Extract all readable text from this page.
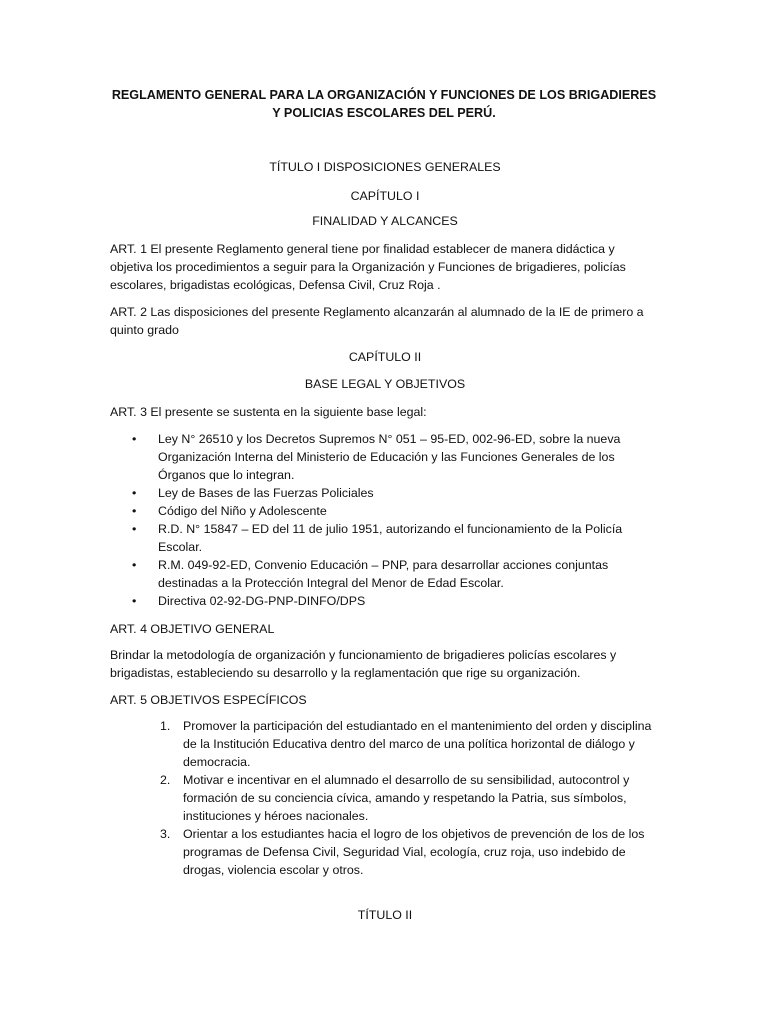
REGLAMENTO GENERAL PARA LA ORGANIZACIÓN Y FUNCIONES DE LOS BRIGADIERES Y POLICIAS ESCOLARES DEL PERÚ.

TÍTULO I DISPOSICIONES GENERALES

CAPÍTULO I

FINALIDAD Y ALCANCES

ART. 1 El presente Reglamento general tiene por finalidad establecer de manera didáctica y objetiva los procedimientos a seguir para la Organización y Funciones de brigadieres, policías escolares, brigadistas ecológicas, Defensa Civil, Cruz Roja .

ART. 2 Las disposiciones del presente Reglamento alcanzarán al alumnado de la IE de primero a quinto grado

CAPÍTULO II

BASE LEGAL Y OBJETIVOS

ART. 3 El presente se sustenta en la siguiente base legal:

• Ley N° 26510 y los Decretos Supremos N° 051 – 95-ED, 002-96-ED, sobre la nueva Organización Interna del Ministerio de Educación y las Funciones Generales de los Órganos que lo integran.
• Ley de Bases de las Fuerzas Policiales
• Código del Niño y Adolescente
• R.D. N° 15847 – ED del 11 de julio 1951, autorizando el funcionamiento de la Policía Escolar.
• R.M. 049-92-ED, Convenio Educación – PNP, para desarrollar acciones conjuntas destinadas a la Protección Integral del Menor de Edad Escolar.
• Directiva 02-92-DG-PNP-DINFO/DPS

ART. 4 OBJETIVO GENERAL

Brindar la metodología de organización y funcionamiento de brigadieres policías escolares y brigadistas, estableciendo su desarrollo y la reglamentación que rige su organización.

ART. 5 OBJETIVOS ESPECÍFICOS

1. Promover la participación del estudiantado en el mantenimiento del orden y disciplina de la Institución Educativa dentro del marco de una política horizontal de diálogo y democracia.
2. Motivar e incentivar en el alumnado el desarrollo de su sensibilidad, autocontrol y formación de su conciencia cívica, amando y respetando la Patria, sus símbolos, instituciones y héroes nacionales.
3. Orientar a los estudiantes hacia el logro de los objetivos de prevención de los de los programas de Defensa Civil, Seguridad Vial, ecología, cruz roja, uso indebido de drogas, violencia escolar y otros.

TÍTULO II
